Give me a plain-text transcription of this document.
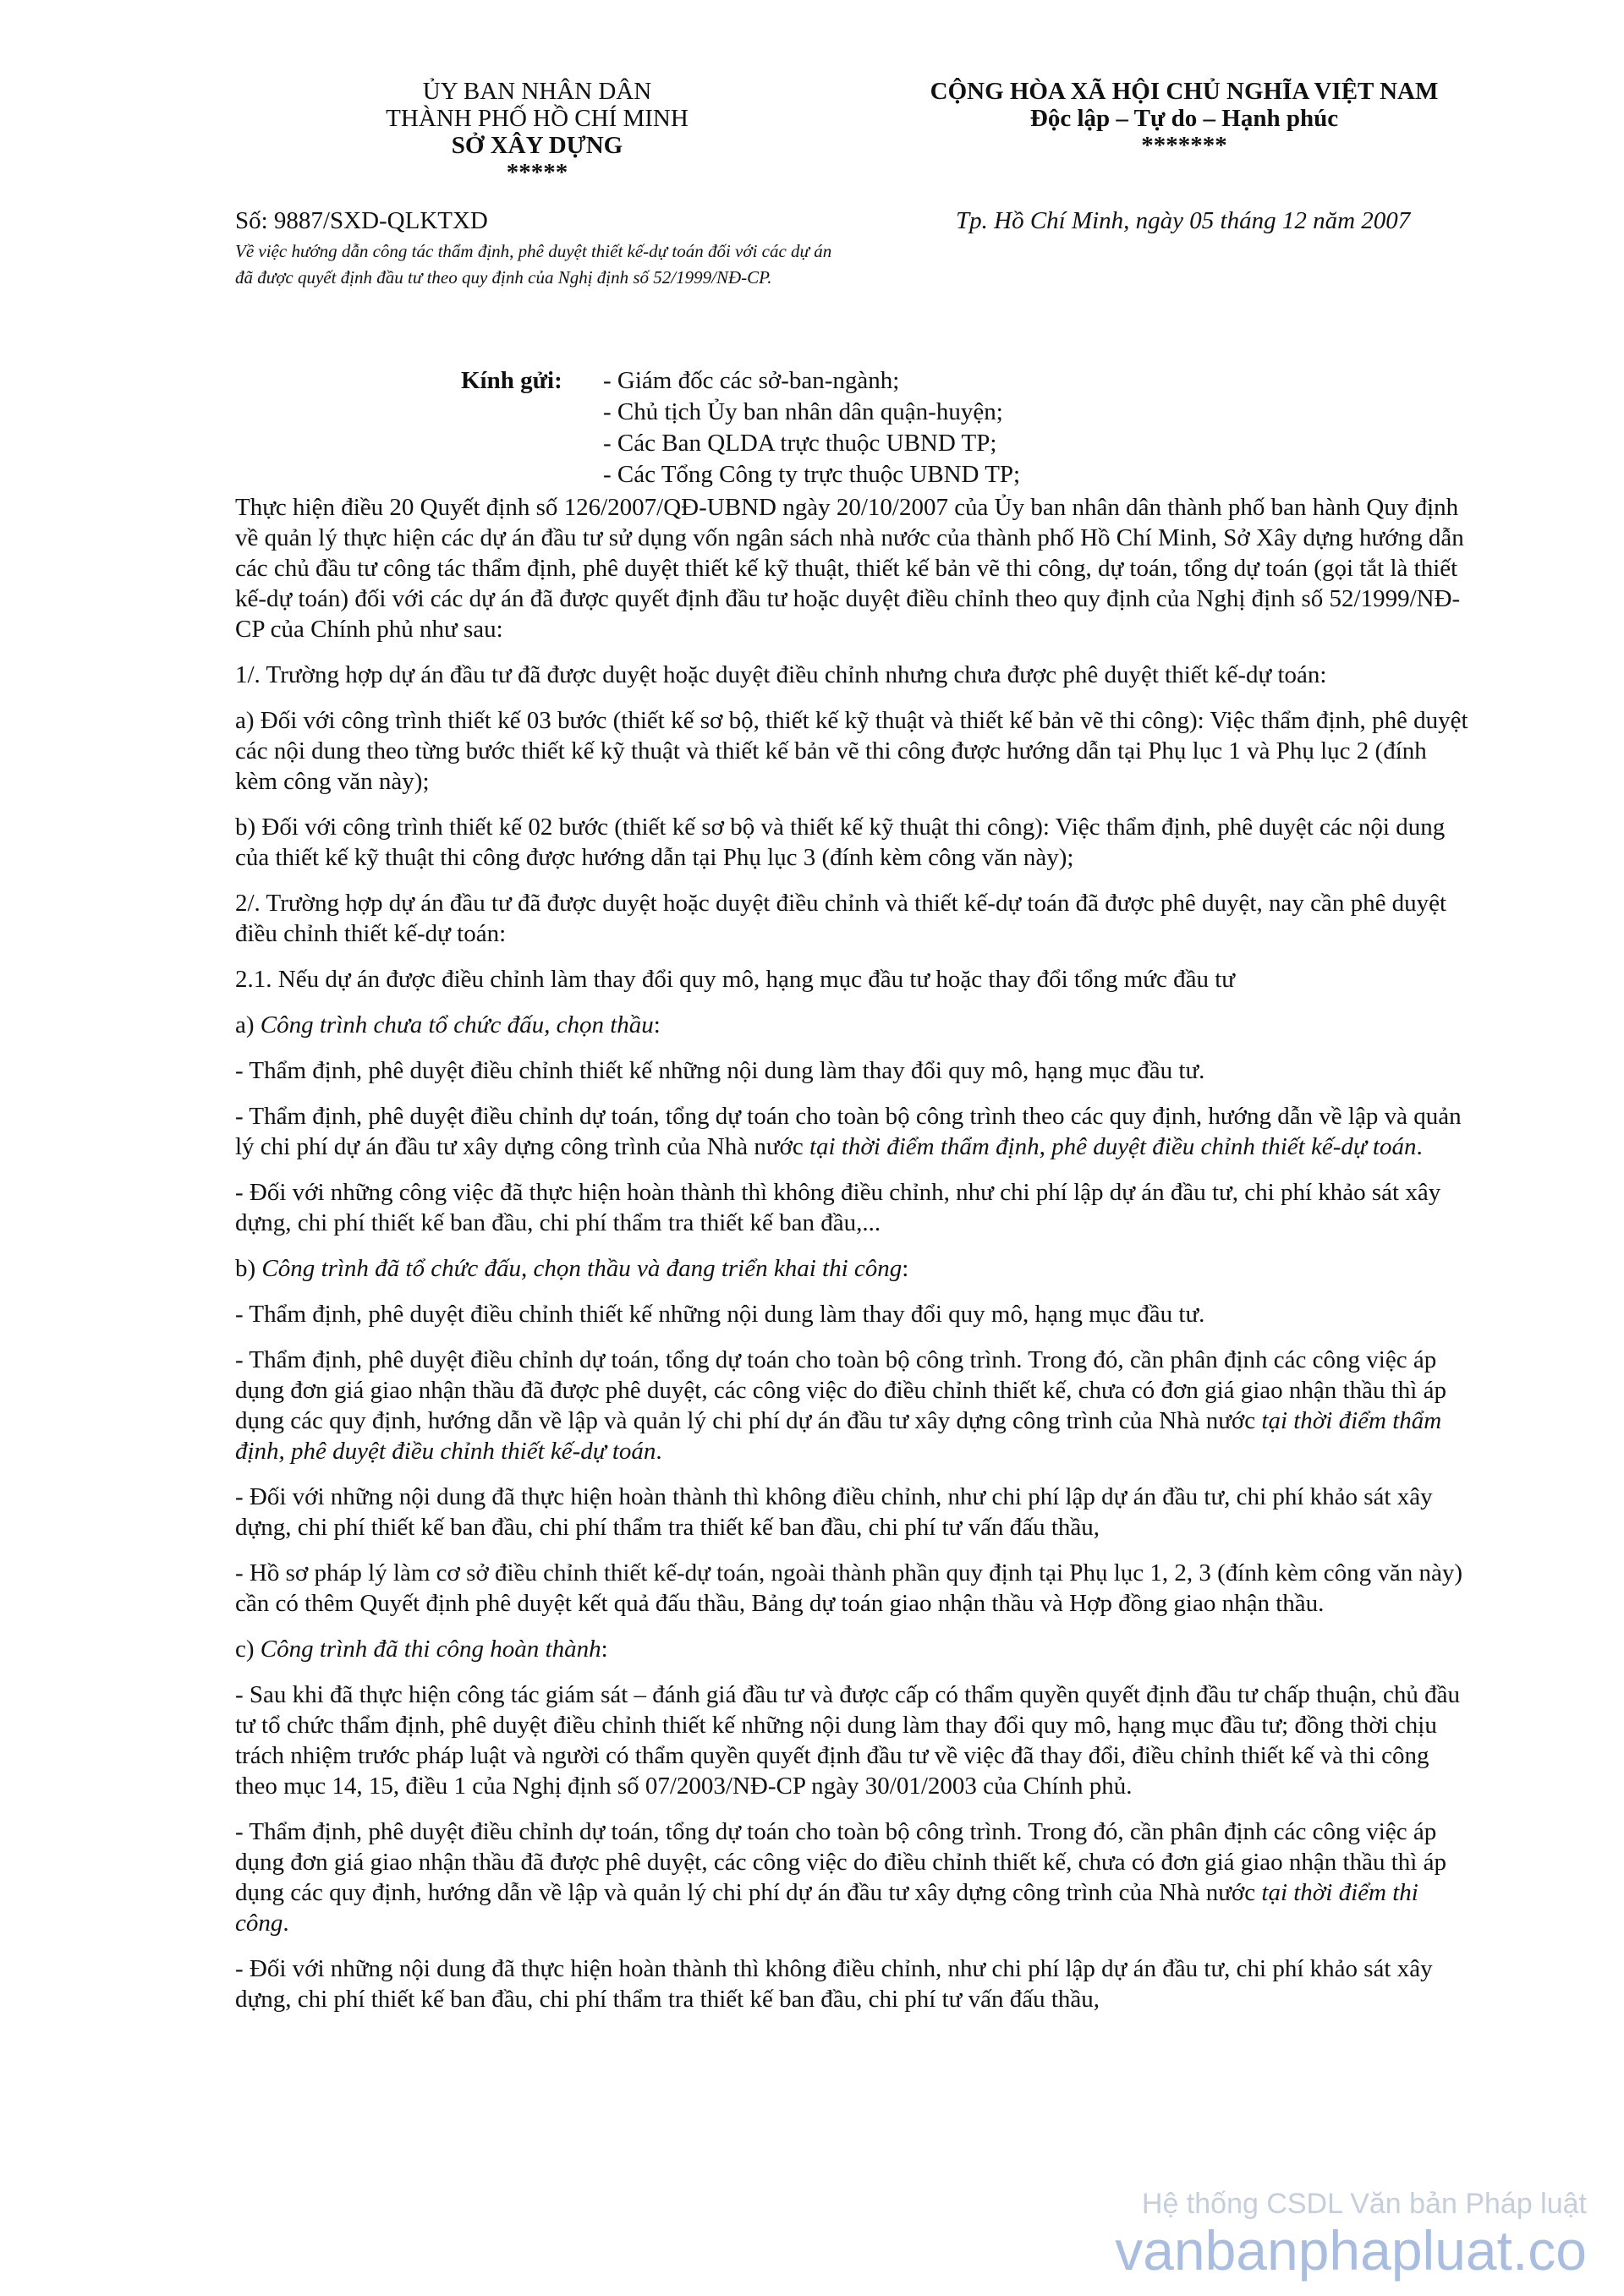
ỦY BAN NHÂN DÂN
THÀNH PHỐ HỒ CHÍ MINH
SỞ XÂY DỰNG
*****
CỘNG HÒA XÃ HỘI CHỦ NGHĨA VIỆT NAM
Độc lập – Tự do – Hạnh phúc
*******
Số: 9887/SXD-QLKTXD	Tp. Hồ Chí Minh, ngày 05 tháng 12 năm 2007
Về việc hướng dẫn công tác thẩm định, phê duyệt thiết kế-dự toán đối với các dự án đã được quyết định đầu tư theo quy định của Nghị định số 52/1999/NĐ-CP.
Kính gửi:	- Giám đốc các sở-ban-ngành;
- Chủ tịch Ủy ban nhân dân quận-huyện;
- Các Ban QLDA trực thuộc UBND TP;
- Các Tổng Công ty trực thuộc UBND TP;

Thực hiện điều 20 Quyết định số 126/2007/QĐ-UBND ngày 20/10/2007 của Ủy ban nhân dân thành phố ban hành Quy định về quản lý thực hiện các dự án đầu tư sử dụng vốn ngân sách nhà nước của thành phố Hồ Chí Minh, Sở Xây dựng hướng dẫn các chủ đầu tư công tác thẩm định, phê duyệt thiết kế kỹ thuật, thiết kế bản vẽ thi công, dự toán, tổng dự toán (gọi tắt là thiết kế-dự toán) đối với các dự án đã được quyết định đầu tư hoặc duyệt điều chỉnh theo quy định của Nghị định số 52/1999/NĐ-CP của Chính phủ như sau:

1/. Trường hợp dự án đầu tư đã được duyệt hoặc duyệt điều chỉnh nhưng chưa được phê duyệt thiết kế-dự toán:

a) Đối với công trình thiết kế 03 bước (thiết kế sơ bộ, thiết kế kỹ thuật và thiết kế bản vẽ thi công): Việc thẩm định, phê duyệt các nội dung theo từng bước thiết kế kỹ thuật và thiết kế bản vẽ thi công được hướng dẫn tại Phụ lục 1 và Phụ lục 2 (đính kèm công văn này);

b) Đối với công trình thiết kế 02 bước (thiết kế sơ bộ và thiết kế kỹ thuật thi công): Việc thẩm định, phê duyệt các nội dung của thiết kế kỹ thuật thi công được hướng dẫn tại Phụ lục 3 (đính kèm công văn này);

2/. Trường hợp dự án đầu tư đã được duyệt hoặc duyệt điều chỉnh và thiết kế-dự toán đã được phê duyệt, nay cần phê duyệt điều chỉnh thiết kế-dự toán:

2.1. Nếu dự án được điều chỉnh làm thay đổi quy mô, hạng mục đầu tư hoặc thay đổi tổng mức đầu tư

a) Công trình chưa tổ chức đấu, chọn thầu:

- Thẩm định, phê duyệt điều chỉnh thiết kế những nội dung làm thay đổi quy mô, hạng mục đầu tư.

- Thẩm định, phê duyệt điều chỉnh dự toán, tổng dự toán cho toàn bộ công trình theo các quy định, hướng dẫn về lập và quản lý chi phí dự án đầu tư xây dựng công trình của Nhà nước tại thời điểm thẩm định, phê duyệt điều chỉnh thiết kế-dự toán.

- Đối với những công việc đã thực hiện hoàn thành thì không điều chỉnh, như chi phí lập dự án đầu tư, chi phí khảo sát xây dựng, chi phí thiết kế ban đầu, chi phí thẩm tra thiết kế ban đầu,...

b) Công trình đã tổ chức đấu, chọn thầu và đang triển khai thi công:

- Thẩm định, phê duyệt điều chỉnh thiết kế những nội dung làm thay đổi quy mô, hạng mục đầu tư.

- Thẩm định, phê duyệt điều chỉnh dự toán, tổng dự toán cho toàn bộ công trình. Trong đó, cần phân định các công việc áp dụng đơn giá giao nhận thầu đã được phê duyệt, các công việc do điều chỉnh thiết kế, chưa có đơn giá giao nhận thầu thì áp dụng các quy định, hướng dẫn về lập và quản lý chi phí dự án đầu tư xây dựng công trình của Nhà nước tại thời điểm thẩm định, phê duyệt điều chỉnh thiết kế-dự toán.

- Đối với những nội dung đã thực hiện hoàn thành thì không điều chỉnh, như chi phí lập dự án đầu tư, chi phí khảo sát xây dựng, chi phí thiết kế ban đầu, chi phí thẩm tra thiết kế ban đầu, chi phí tư vấn đấu thầu,

- Hồ sơ pháp lý làm cơ sở điều chỉnh thiết kế-dự toán, ngoài thành phần quy định tại Phụ lục 1, 2, 3 (đính kèm công văn này) cần có thêm Quyết định phê duyệt kết quả đấu thầu, Bảng dự toán giao nhận thầu và Hợp đồng giao nhận thầu.

c) Công trình đã thi công hoàn thành:

- Sau khi đã thực hiện công tác giám sát – đánh giá đầu tư và được cấp có thẩm quyền quyết định đầu tư chấp thuận, chủ đầu tư tổ chức thẩm định, phê duyệt điều chỉnh thiết kế những nội dung làm thay đổi quy mô, hạng mục đầu tư; đồng thời chịu trách nhiệm trước pháp luật và người có thẩm quyền quyết định đầu tư về việc đã thay đổi, điều chỉnh thiết kế và thi công theo mục 14, 15, điều 1 của Nghị định số 07/2003/NĐ-CP ngày 30/01/2003 của Chính phủ.

- Thẩm định, phê duyệt điều chỉnh dự toán, tổng dự toán cho toàn bộ công trình. Trong đó, cần phân định các công việc áp dụng đơn giá giao nhận thầu đã được phê duyệt, các công việc do điều chỉnh thiết kế, chưa có đơn giá giao nhận thầu thì áp dụng các quy định, hướng dẫn về lập và quản lý chi phí dự án đầu tư xây dựng công trình của Nhà nước tại thời điểm thi công.

- Đối với những nội dung đã thực hiện hoàn thành thì không điều chỉnh, như chi phí lập dự án đầu tư, chi phí khảo sát xây dựng, chi phí thiết kế ban đầu, chi phí thẩm tra thiết kế ban đầu, chi phí tư vấn đấu thầu,

Hệ thống CSDL Văn bản Pháp luật
vanbanphapluat.co
